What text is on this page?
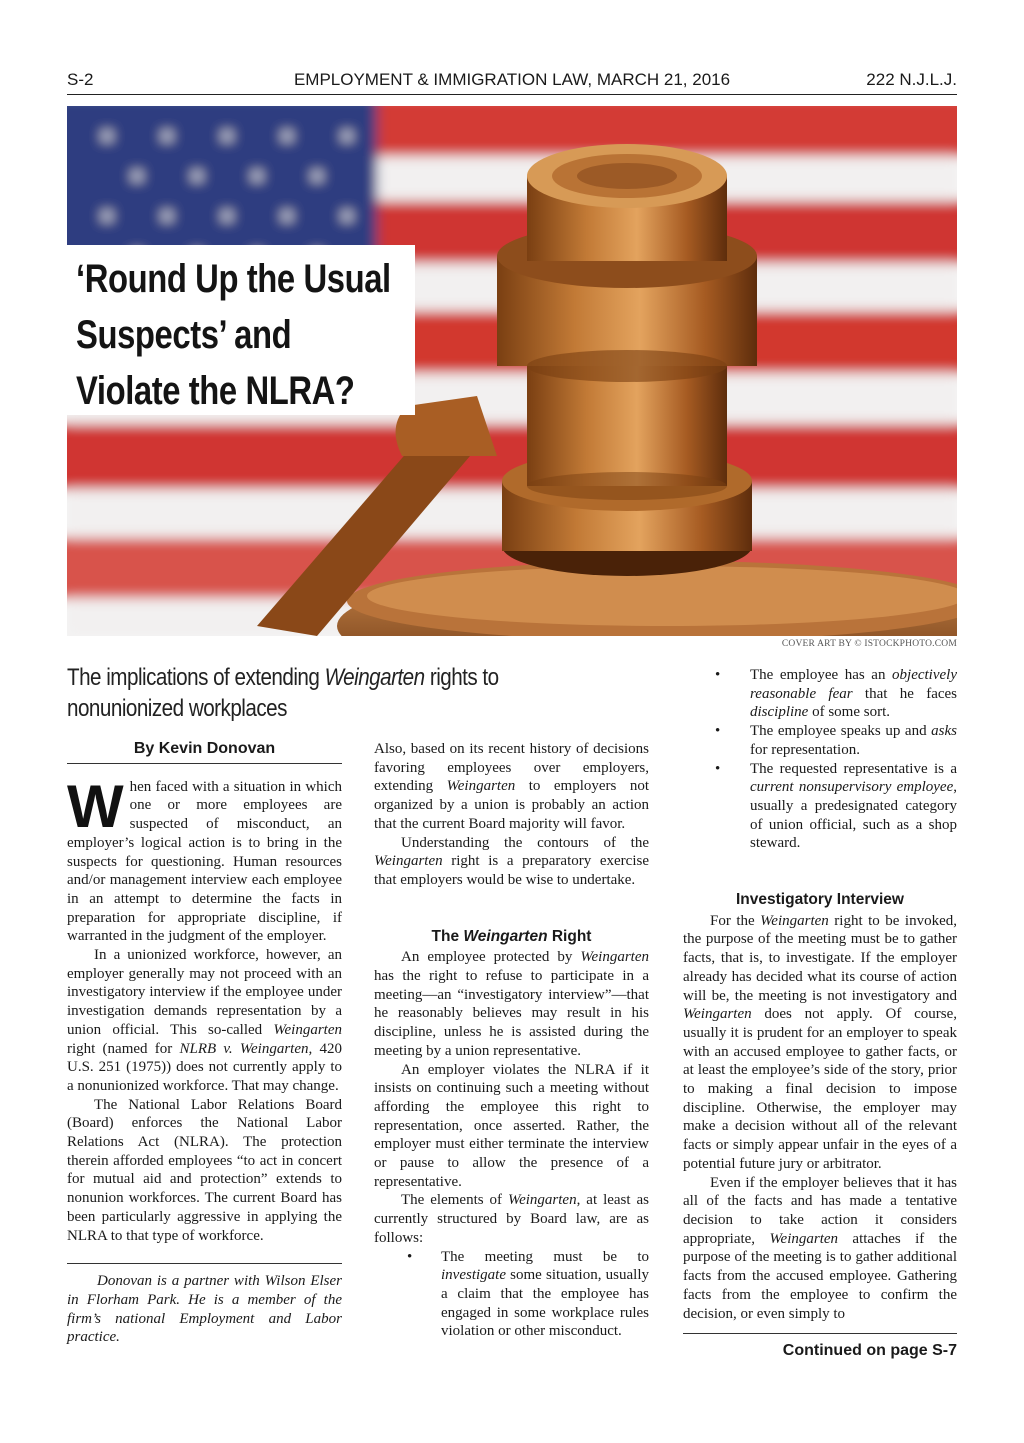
S-2	EMPLOYMENT & IMMIGRATION LAW, MARCH 21, 2016	222 N.J.L.J.
‘Round Up the Usual
Suspects’ and
Violate the NLRA?
COVER ART BY © ISTOCKPHOTO.COM
The implications of extending Weingarten rights to
nonunionized workplaces
By Kevin Donovan

When faced with a situation in which one or more employees are suspected of misconduct, an employer’s logical action is to bring in the suspects for questioning. Human resources and/or management interview each employee in an attempt to determine the facts in preparation for appropriate discipline, if warranted in the judgment of the employer.

In a unionized workforce, however, an employer generally may not proceed with an investigatory interview if the employee under investigation demands representation by a union official. This so-called Weingarten right (named for NLRB v. Weingarten, 420 U.S. 251 (1975)) does not currently apply to a nonunionized workforce. That may change.

The National Labor Relations Board (Board) enforces the National Labor Relations Act (NLRA). The protection therein afforded employees “to act in concert for mutual aid and protection” extends to nonunion workforces. The current Board has been particularly aggressive in applying the NLRA to that type of workforce.

Donovan is a partner with Wilson Elser in Florham Park. He is a member of the firm’s national Employment and Labor practice.

Also, based on its recent history of decisions favoring employees over employers, extending Weingarten to employers not organized by a union is probably an action that the current Board majority will favor.

Understanding the contours of the Weingarten right is a preparatory exercise that employers would be wise to undertake.

The Weingarten Right

An employee protected by Weingarten has the right to refuse to participate in a meeting—an “investigatory interview”—that he reasonably believes may result in his discipline, unless he is assisted during the meeting by a union representative.

An employer violates the NLRA if it insists on continuing such a meeting without affording the employee this right to representation, once asserted. Rather, the employer must either terminate the interview or pause to allow the presence of a representative.

The elements of Weingarten, at least as currently structured by Board law, are as follows:

• The meeting must be to investigate some situation, usually a claim that the employee has engaged in some workplace rules violation or other misconduct.
• The employee has an objectively reasonable fear that he faces discipline of some sort.
• The employee speaks up and asks for representation.
• The requested representative is a current nonsupervisory employee, usually a predesignated category of union official, such as a shop steward.
Investigatory Interview

For the Weingarten right to be invoked, the purpose of the meeting must be to gather facts, that is, to investigate. If the employer already has decided what its course of action will be, the meeting is not investigatory and Weingarten does not apply. Of course, usually it is prudent for an employer to speak with an accused employee to gather facts, or at least the employee’s side of the story, prior to making a final decision to impose discipline. Otherwise, the employer may make a decision without all of the relevant facts or simply appear unfair in the eyes of a potential future jury or arbitrator.

Even if the employer believes that it has all of the facts and has made a tentative decision to take action it considers appropriate, Weingarten attaches if the purpose of the meeting is to gather additional facts from the accused employee. Gathering facts from the employee to confirm the decision, or even simply to

Continued on page S-7
